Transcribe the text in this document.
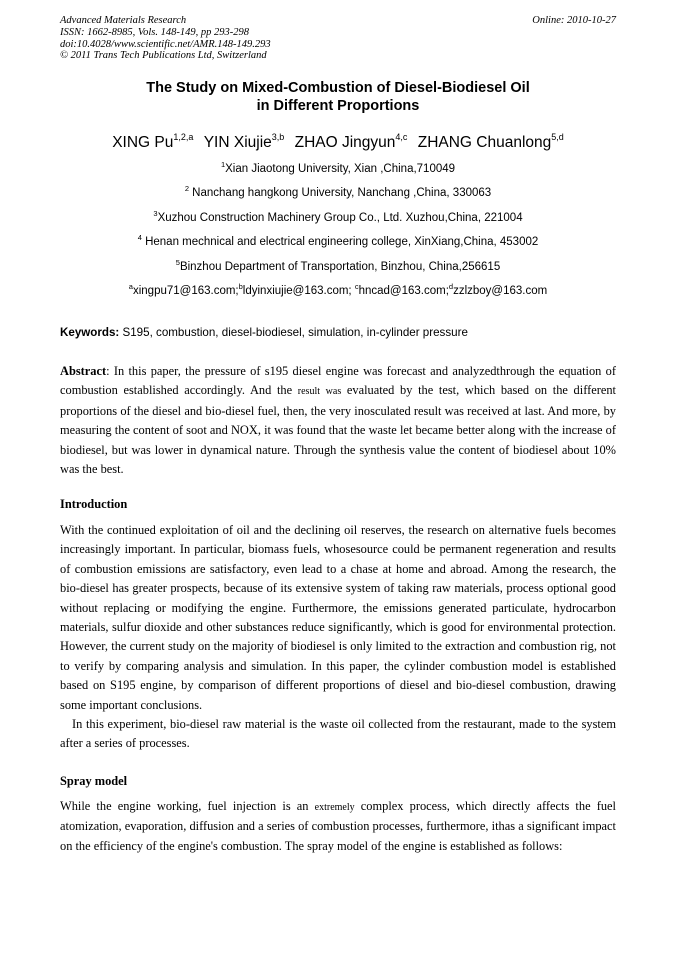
Advanced Materials Research
ISSN: 1662-8985, Vols. 148-149, pp 293-298
doi:10.4028/www.scientific.net/AMR.148-149.293
© 2011 Trans Tech Publications Ltd, Switzerland
Online: 2010-10-27
The Study on Mixed-Combustion of Diesel-Biodiesel Oil
in Different Proportions
XING Pu$^{1,2,a}$ YIN Xiujie$^{3,b}$ ZHAO Jingyun$^{4,c}$ ZHANG Chuanlong$^{5,d}$
$^1$Xian Jiaotong University, Xian ,China,710049
$^2$ Nanchang hangkong University, Nanchang ,China, 330063
$^3$Xuzhou Construction Machinery Group Co., Ltd. Xuzhou,China, 221004
$^4$ Henan mechnical and electrical engineering college, XinXiang,China, 453002
$^5$Binzhou Department of Transportation, Binzhou, China,256615
$^a$xingpu71@163.com;$^b$ldyinxiujie@163.com; $^c$hncad@163.com;$^d$zzlzboy@163.com
Keywords: S195, combustion, diesel-biodiesel, simulation, in-cylinder pressure
Abstract: In this paper, the pressure of s195 diesel engine was forecast and analyzedthrough the equation of combustion established accordingly. And the result was evaluated by the test, which based on the different proportions of the diesel and bio-diesel fuel, then, the very inosculated result was received at last. And more, by measuring the content of soot and NOX, it was found that the waste let became better along with the increase of biodiesel, but was lower in dynamical nature. Through the synthesis value the content of biodiesel about 10% was the best.
Introduction

With the continued exploitation of oil and the declining oil reserves, the research on alternative fuels becomes increasingly important. In particular, biomass fuels, whosesource could be permanent regeneration and results of combustion emissions are satisfactory, even lead to a chase at home and abroad. Among the research, the bio-diesel has greater prospects, because of its extensive system of taking raw materials, process optional good without replacing or modifying the engine. Furthermore, the emissions generated particulate, hydrocarbon materials, sulfur dioxide and other substances reduce significantly, which is good for environmental protection. However, the current study on the majority of biodiesel is only limited to the extraction and combustion rig, not to verify by comparing analysis and simulation. In this paper, the cylinder combustion model is established based on S195 engine, by comparison of different proportions of diesel and bio-diesel combustion, drawing some important conclusions.

In this experiment, bio-diesel raw material is the waste oil collected from the restaurant, made to the system after a series of processes.

Spray model
While the engine working, fuel injection is an extremely complex process, which directly affects the fuel atomization, evaporation, diffusion and a series of combustion processes, furthermore, ithas a significant impact on the efficiency of the engine's combustion. The spray model of the engine is established as follows:
